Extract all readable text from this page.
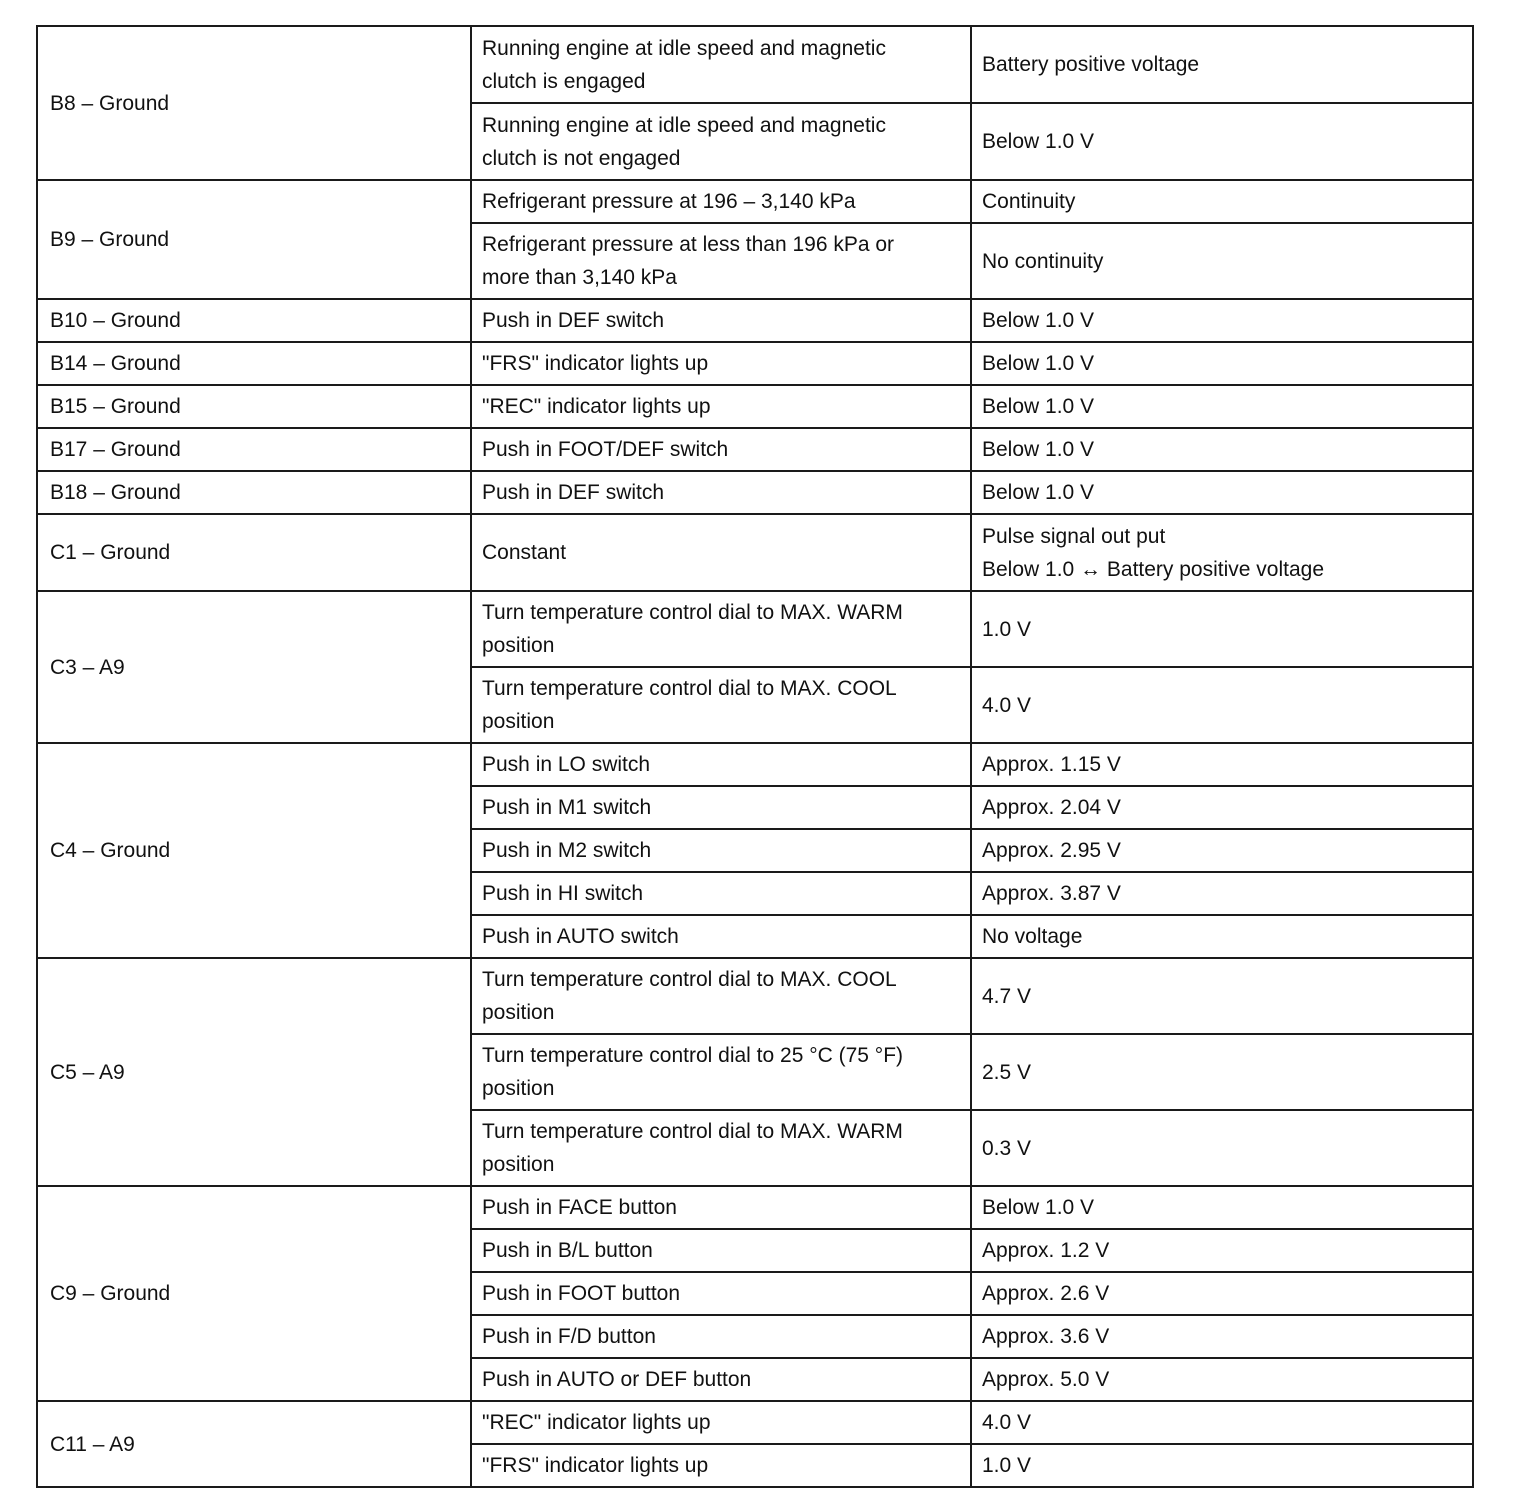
B8 – Ground	Running engine at idle speed and magnetic
clutch is engaged	Battery positive voltage
	Running engine at idle speed and magnetic
clutch is not engaged	Below 1.0 V
B9 – Ground	Refrigerant pressure at 196 – 3,140 kPa	Continuity
	Refrigerant pressure at less than 196 kPa or
more than 3,140 kPa	No continuity
B10 – Ground	Push in DEF switch	Below 1.0 V
B14 – Ground	"FRS" indicator lights up	Below 1.0 V
B15 – Ground	"REC" indicator lights up	Below 1.0 V
B17 – Ground	Push in FOOT/DEF switch	Below 1.0 V
B18 – Ground	Push in DEF switch	Below 1.0 V
C1 – Ground	Constant	Pulse signal out put
Below 1.0 ↔ Battery positive voltage
C3 – A9	Turn temperature control dial to MAX. WARM
position	1.0 V
	Turn temperature control dial to MAX. COOL
position	4.0 V
C4 – Ground	Push in LO switch	Approx. 1.15 V
	Push in M1 switch	Approx. 2.04 V
	Push in M2 switch	Approx. 2.95 V
	Push in HI switch	Approx. 3.87 V
	Push in AUTO switch	No voltage
C5 – A9	Turn temperature control dial to MAX. COOL
position	4.7 V
	Turn temperature control dial to 25 °C (75 °F)
position	2.5 V
	Turn temperature control dial to MAX. WARM
position	0.3 V
C9 – Ground	Push in FACE button	Below 1.0 V
	Push in B/L button	Approx. 1.2 V
	Push in FOOT button	Approx. 2.6 V
	Push in F/D button	Approx. 3.6 V
	Push in AUTO or DEF button	Approx. 5.0 V
C11 – A9	"REC" indicator lights up	4.0 V
	"FRS" indicator lights up	1.0 V
